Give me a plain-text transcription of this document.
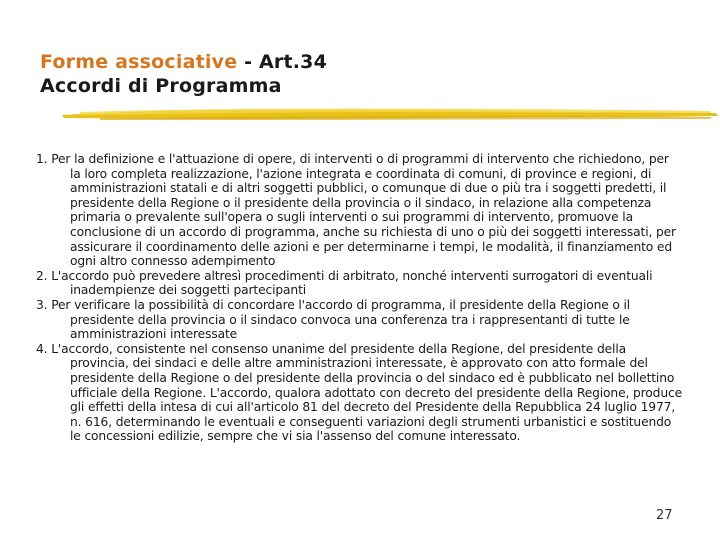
Forme associative - Art.34
Accordi di Programma
1. Per la definizione e l'attuazione di opere, di interventi o di programmi di intervento che richiedono, per la loro completa realizzazione, l'azione integrata e coordinata di comuni, di province e regioni, di amministrazioni statali e di altri soggetti pubblici, o comunque di due o più tra i soggetti predetti, il presidente della Regione o il presidente della provincia o il sindaco, in relazione alla competenza primaria o prevalente sull'opera o sugli interventi o sui programmi di intervento, promuove la conclusione di un accordo di programma, anche su richiesta di uno o più dei soggetti interessati, per assicurare il coordinamento delle azioni e per determinarne i tempi, le modalità, il finanziamento ed ogni altro connesso adempimento
2. L'accordo può prevedere altresì procedimenti di arbitrato, nonché interventi surrogatori di eventuali inadempienze dei soggetti partecipanti
3. Per verificare la possibilità di concordare l'accordo di programma, il presidente della Regione o il presidente della provincia o il sindaco convoca una conferenza tra i rappresentanti di tutte le amministrazioni interessate
4. L'accordo, consistente nel consenso unanime del presidente della Regione, del presidente della provincia, dei sindaci e delle altre amministrazioni interessate, è approvato con atto formale del presidente della Regione o del presidente della provincia o del sindaco ed è pubblicato nel bollettino ufficiale della Regione. L'accordo, qualora adottato con decreto del presidente della Regione, produce gli effetti della intesa di cui all'articolo 81 del decreto del Presidente della Repubblica 24 luglio 1977, n. 616, determinando le eventuali e conseguenti variazioni degli strumenti urbanistici e sostituendo le concessioni edilizie, sempre che vi sia l'assenso del comune interessato.
27
